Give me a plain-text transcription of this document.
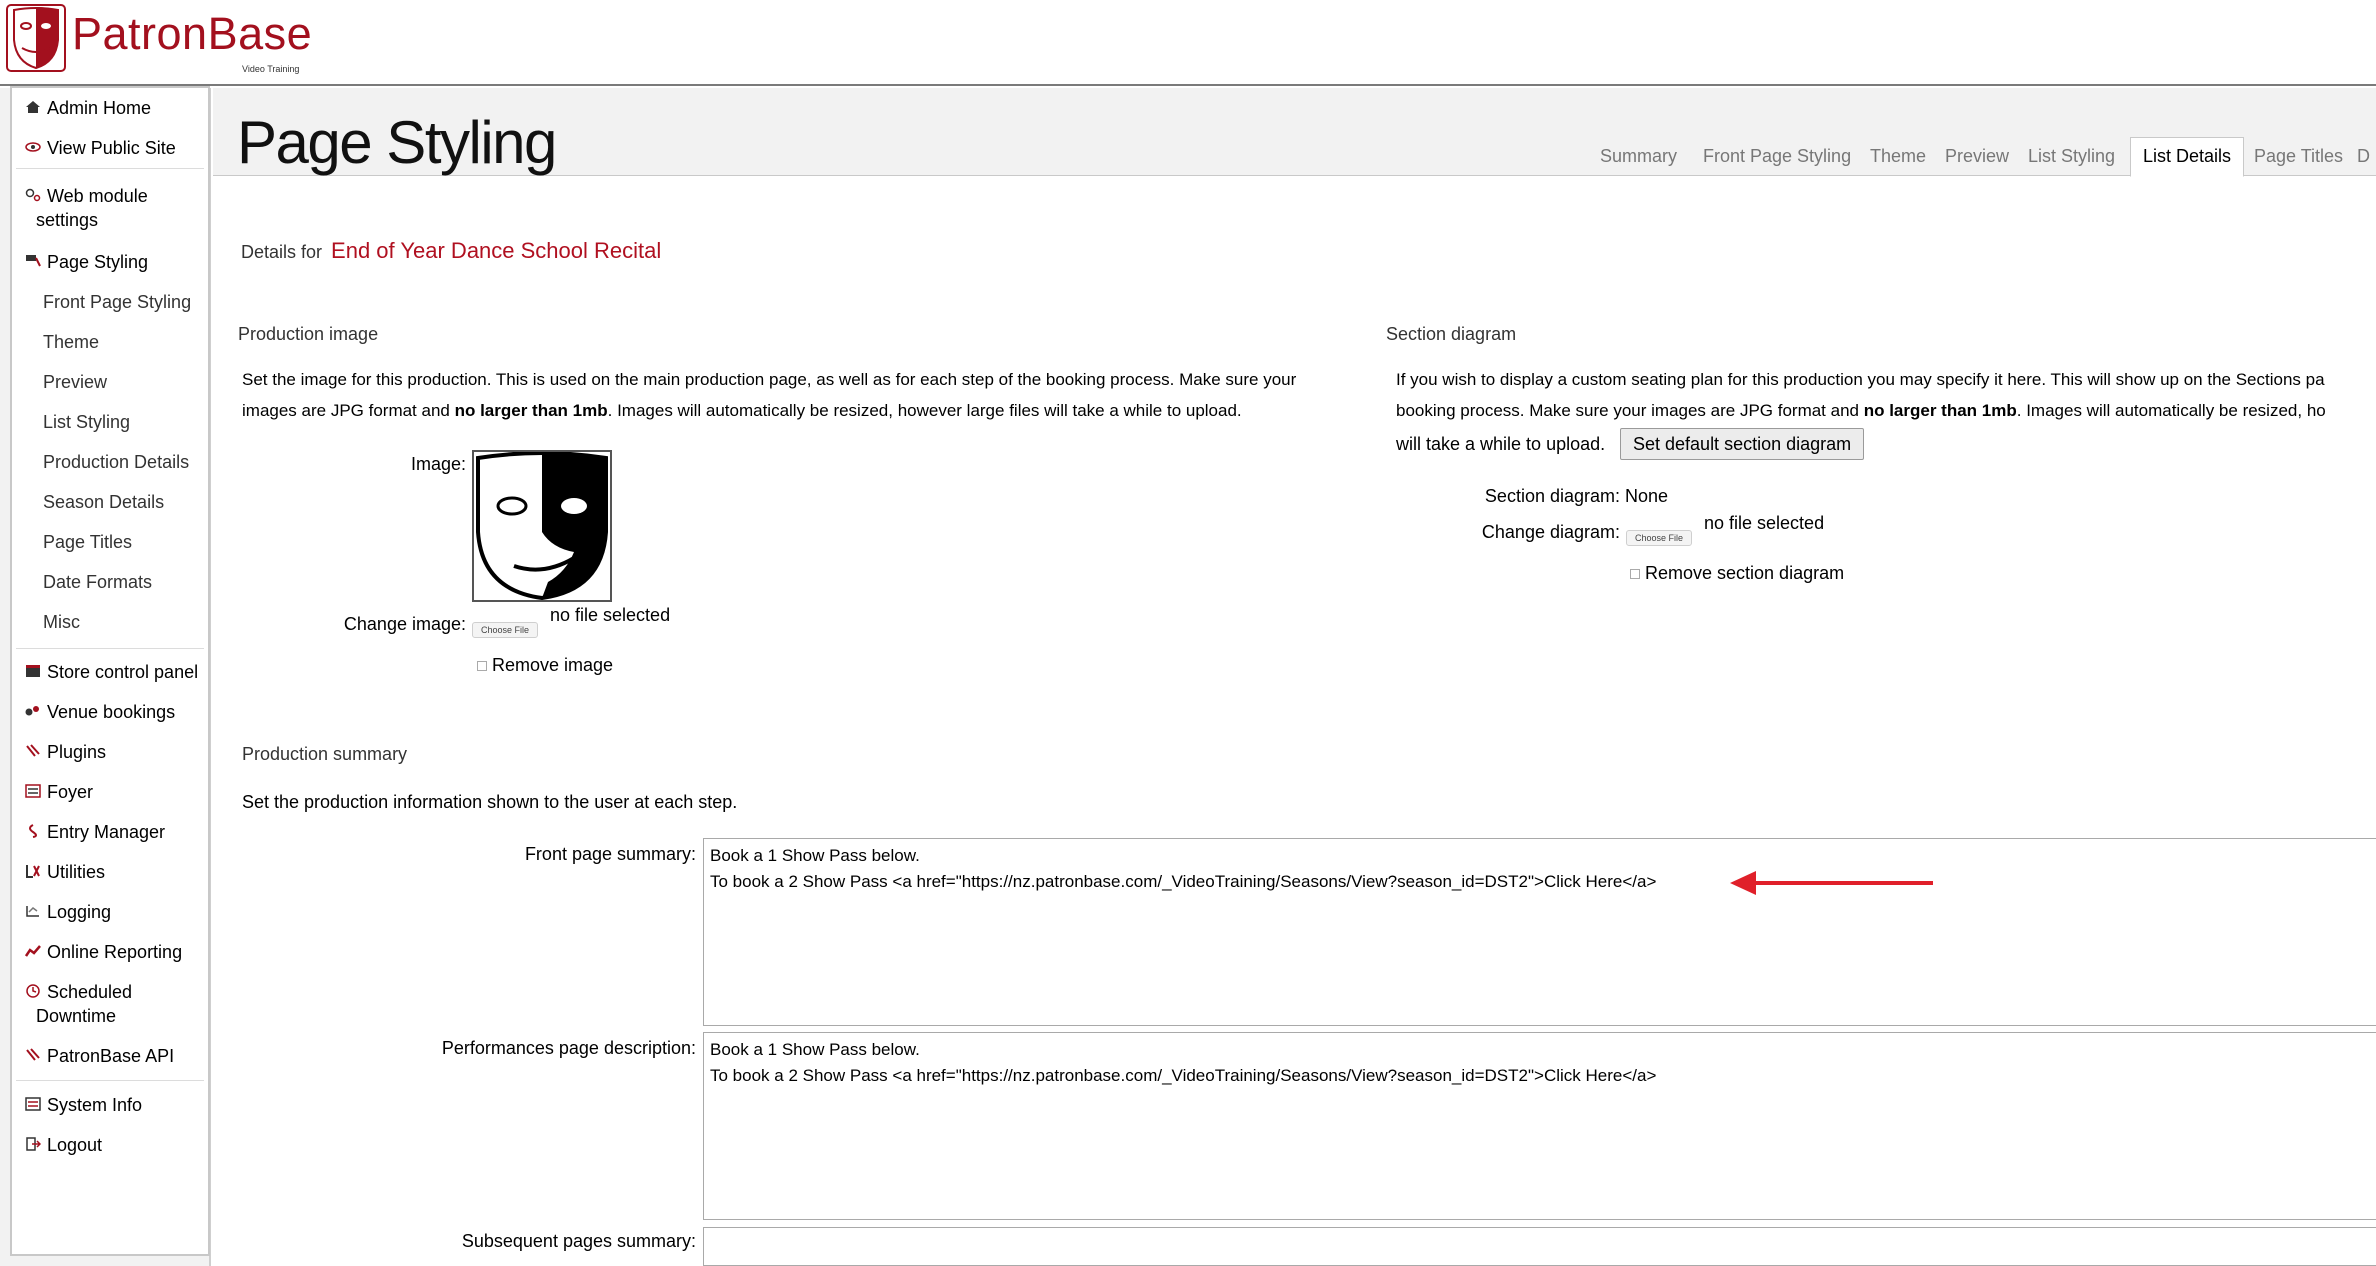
PatronBase
Video Training
Admin Home
View Public Site
Web module
settings
Page Styling
Front Page Styling
Theme
Preview
List Styling
Production Details
Season Details
Page Titles
Date Formats
Misc
Store control panel
Venue bookings
Plugins
Foyer
Entry Manager
Utilities
Logging
Online Reporting
Scheduled
Downtime
PatronBase API
System Info
Logout
Page Styling	Summary Front Page Styling Theme Preview List Styling	List Details	Page Titles D
Details for End of Year Dance School Recital
Production image
Set the image for this production. This is used on the main production page, as well as for each step of the booking process. Make sure your
images are JPG format and no larger than 1mb. Images will automatically be resized, however large files will take a while to upload.
Image:
Change image:	Choose File
no file selected
Remove image
Section diagram
If you wish to display a custom seating plan for this production you may specify it here. This will show up on the Sections pa
booking process. Make sure your images are JPG format and no larger than 1mb. Images will automatically be resized, ho
will take a while to upload.	Set default section diagram
Section diagram: None
Change diagram:	Choose File
no file selected
Remove section diagram
Production summary
Set the production information shown to the user at each step.
Front page summary: Book a 1 Show Pass below.
To book a 2 Show Pass <a href="https://nz.patronbase.com/_VideoTraining/Seasons/View?season_id=DST2">Click Here</a>
Performances page description: Book a 1 Show Pass below.
To book a 2 Show Pass <a href="https://nz.patronbase.com/_VideoTraining/Seasons/View?season_id=DST2">Click Here</a>
Subsequent pages summary:
